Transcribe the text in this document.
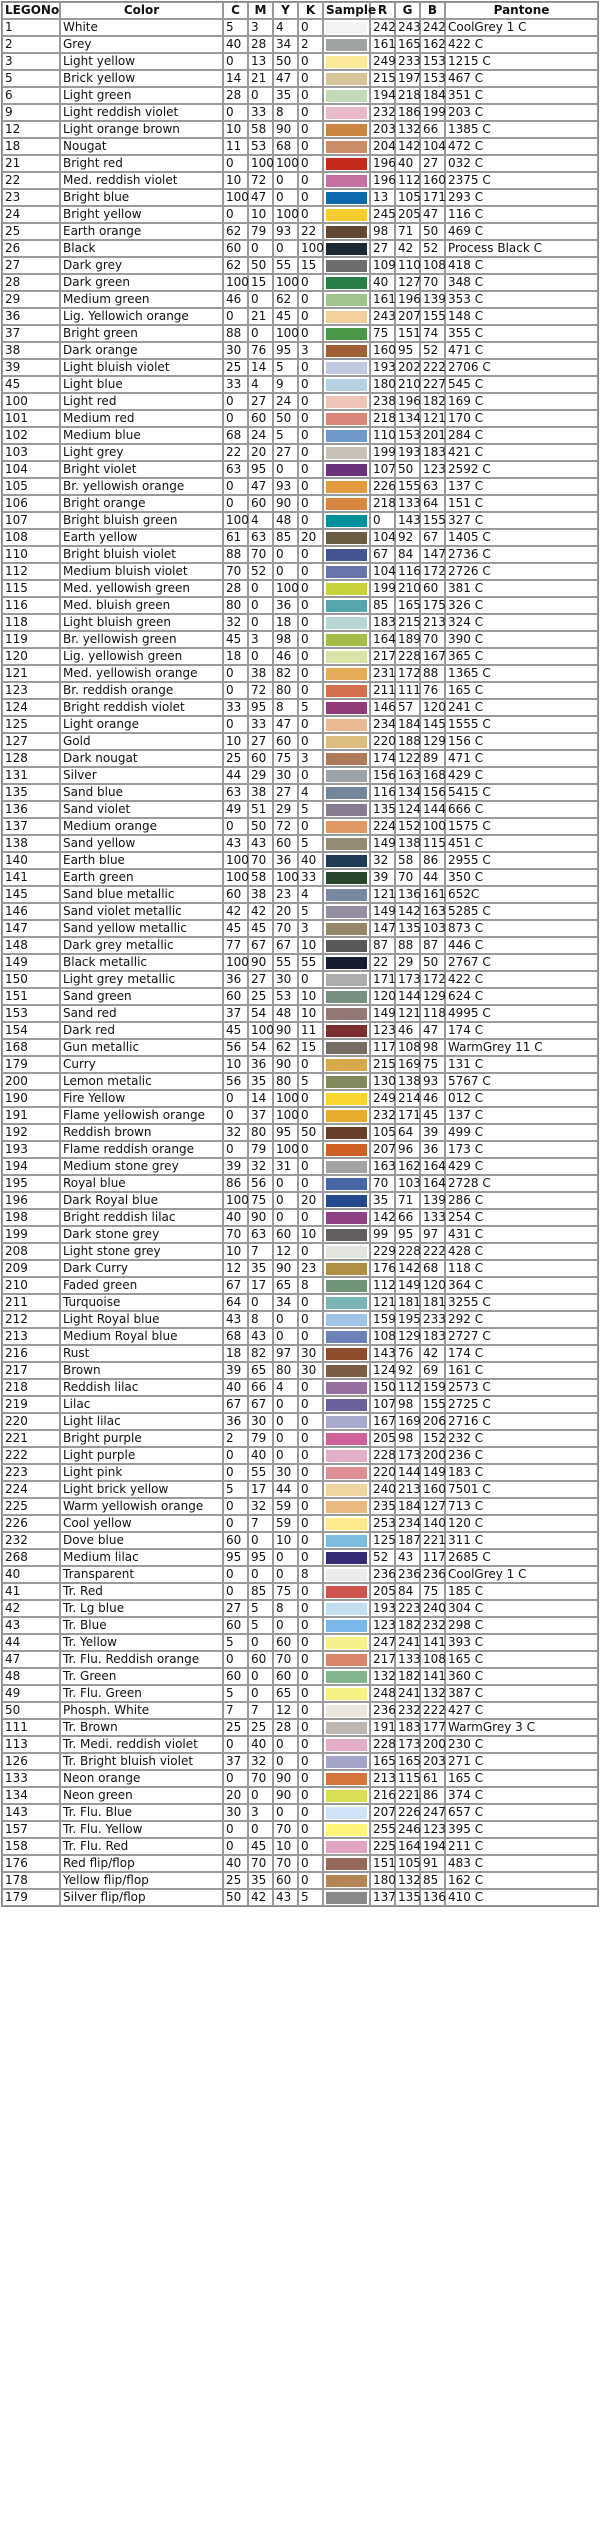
LEGONo	Color	C	M	Y	K	Sample	R	G	B	Pantone
1	White	5	3	4	0		242	243	242	CoolGrey 1 C
2	Grey	40	28	34	2		161	165	162	422 C
3	Light yellow	0	13	50	0		249	233	153	1215 C
5	Brick yellow	14	21	47	0		215	197	153	467 C
6	Light green	28	0	35	0		194	218	184	351 C
9	Light reddish violet	0	33	8	0		232	186	199	203 C
12	Light orange brown	10	58	90	0		203	132	66	1385 C
18	Nougat	11	53	68	0		204	142	104	472 C
21	Bright red	0	100	100	0		196	40	27	032 C
22	Med. reddish violet	10	72	0	0		196	112	160	2375 C
23	Bright blue	100	47	0	0		13	105	171	293 C
24	Bright yellow	0	10	100	0		245	205	47	116 C
25	Earth orange	62	79	93	22		98	71	50	469 C
26	Black	60	0	0	100		27	42	52	Process Black C
27	Dark grey	62	50	55	15		109	110	108	418 C
28	Dark green	100	15	100	0		40	127	70	348 C
29	Medium green	46	0	62	0		161	196	139	353 C
36	Lig. Yellowich orange	0	21	45	0		243	207	155	148 C
37	Bright green	88	0	100	0		75	151	74	355 C
38	Dark orange	30	76	95	3		160	95	52	471 C
39	Light bluish violet	25	14	5	0		193	202	222	2706 C
45	Light blue	33	4	9	0		180	210	227	545 C
100	Light red	0	27	24	0		238	196	182	169 C
101	Medium red	0	60	50	0		218	134	121	170 C
102	Medium blue	68	24	5	0		110	153	201	284 C
103	Light grey	22	20	27	0		199	193	183	421 C
104	Bright violet	63	95	0	0		107	50	123	2592 C
105	Br. yellowish orange	0	47	93	0		226	155	63	137 C
106	Bright orange	0	60	90	0		218	133	64	151 C
107	Bright bluish green	100	4	48	0		0	143	155	327 C
108	Earth yellow	61	63	85	20		104	92	67	1405 C
110	Bright bluish violet	88	70	0	0		67	84	147	2736 C
112	Medium bluish violet	70	52	0	0		104	116	172	2726 C
115	Med. yellowish green	28	0	100	0		199	210	60	381 C
116	Med. bluish green	80	0	36	0		85	165	175	326 C
118	Light bluish green	32	0	18	0		183	215	213	324 C
119	Br. yellowish green	45	3	98	0		164	189	70	390 C
120	Lig. yellowish green	18	0	46	0		217	228	167	365 C
121	Med. yellowish orange	0	38	82	0		231	172	88	1365 C
123	Br. reddish orange	0	72	80	0		211	111	76	165 C
124	Bright reddish violet	33	95	8	5		146	57	120	241 C
125	Light orange	0	33	47	0		234	184	145	1555 C
127	Gold	10	27	60	0		220	188	129	156 C
128	Dark nougat	25	60	75	3		174	122	89	471 C
131	Silver	44	29	30	0		156	163	168	429 C
135	Sand blue	63	38	27	4		116	134	156	5415 C
136	Sand violet	49	51	29	5		135	124	144	666 C
137	Medium orange	0	50	72	0		224	152	100	1575 C
138	Sand yellow	43	43	60	5		149	138	115	451 C
140	Earth blue	100	70	36	40		32	58	86	2955 C
141	Earth green	100	58	100	33		39	70	44	350 C
145	Sand blue metallic	60	38	23	4		121	136	161	652C
146	Sand violet metallic	42	42	20	5		149	142	163	5285 C
147	Sand yellow metallic	45	45	70	3		147	135	103	873 C
148	Dark grey metallic	77	67	67	10		87	88	87	446 C
149	Black metallic	100	90	55	55		22	29	50	2767 C
150	Light grey metallic	36	27	30	0		171	173	172	422 C
151	Sand green	60	25	53	10		120	144	129	624 C
153	Sand red	37	54	48	10		149	121	118	4995 C
154	Dark red	45	100	90	11		123	46	47	174 C
168	Gun metallic	56	54	62	15		117	108	98	WarmGrey 11 C
179	Curry	10	36	90	0		215	169	75	131 C
200	Lemon metalic	56	35	80	5		130	138	93	5767 C
190	Fire Yellow	0	14	100	0		249	214	46	012 C
191	Flame yellowish orange	0	37	100	0		232	171	45	137 C
192	Reddish brown	32	80	95	50		105	64	39	499 C
193	Flame reddish orange	0	79	100	0		207	96	36	173 C
194	Medium stone grey	39	32	31	0		163	162	164	429 C
195	Royal blue	86	56	0	0		70	103	164	2728 C
196	Dark Royal blue	100	75	0	20		35	71	139	286 C
198	Bright reddish lilac	40	90	0	0		142	66	133	254 C
199	Dark stone grey	70	63	60	10		99	95	97	431 C
208	Light stone grey	10	7	12	0		229	228	222	428 C
209	Dark Curry	12	35	90	23		176	142	68	118 C
210	Faded green	67	17	65	8		112	149	120	364 C
211	Turquoise	64	0	34	0		121	181	181	3255 C
212	Light Royal blue	43	8	0	0		159	195	233	292 C
213	Medium Royal blue	68	43	0	0		108	129	183	2727 C
216	Rust	18	82	97	30		143	76	42	174 C
217	Brown	39	65	80	30		124	92	69	161 C
218	Reddish lilac	40	66	4	0		150	112	159	2573 C
219	Lilac	67	67	0	0		107	98	155	2725 C
220	Light lilac	36	30	0	0		167	169	206	2716 C
221	Bright purple	2	79	0	0		205	98	152	232 C
222	Light purple	0	40	0	0		228	173	200	236 C
223	Light pink	0	55	30	0		220	144	149	183 C
224	Light brick yellow	5	17	44	0		240	213	160	7501 C
225	Warm yellowish orange	0	32	59	0		235	184	127	713 C
226	Cool yellow	0	7	59	0		253	234	140	120 C
232	Dove blue	60	0	10	0		125	187	221	311 C
268	Medium lilac	95	95	0	0		52	43	117	2685 C
40	Transparent	0	0	0	8		236	236	236	CoolGrey 1 C
41	Tr. Red	0	85	75	0		205	84	75	185 C
42	Tr. Lg blue	27	5	8	0		193	223	240	304 C
43	Tr. Blue	60	5	0	0		123	182	232	298 C
44	Tr. Yellow	5	0	60	0		247	241	141	393 C
47	Tr. Flu. Reddish orange	0	60	70	0		217	133	108	165 C
48	Tr. Green	60	0	60	0		132	182	141	360 C
49	Tr. Flu. Green	5	0	65	0		248	241	132	387 C
50	Phosph. White	7	7	12	0		236	232	222	427 C
111	Tr. Brown	25	25	28	0		191	183	177	WarmGrey 3 C
113	Tr. Medi. reddish violet	0	40	0	0		228	173	200	230 C
126	Tr. Bright bluish violet	37	32	0	0		165	165	203	271 C
133	Neon orange	0	70	90	0		213	115	61	165 C
134	Neon green	20	0	90	0		216	221	86	374 C
143	Tr. Flu. Blue	30	3	0	0		207	226	247	657 C
157	Tr. Flu. Yellow	0	0	70	0		255	246	123	395 C
158	Tr. Flu. Red	0	45	10	0		225	164	194	211 C
176	Red flip/flop	40	70	70	0		151	105	91	483 C
178	Yellow flip/flop	25	35	60	0		180	132	85	162 C
179	Silver flip/flop	50	42	43	5		137	135	136	410 C
